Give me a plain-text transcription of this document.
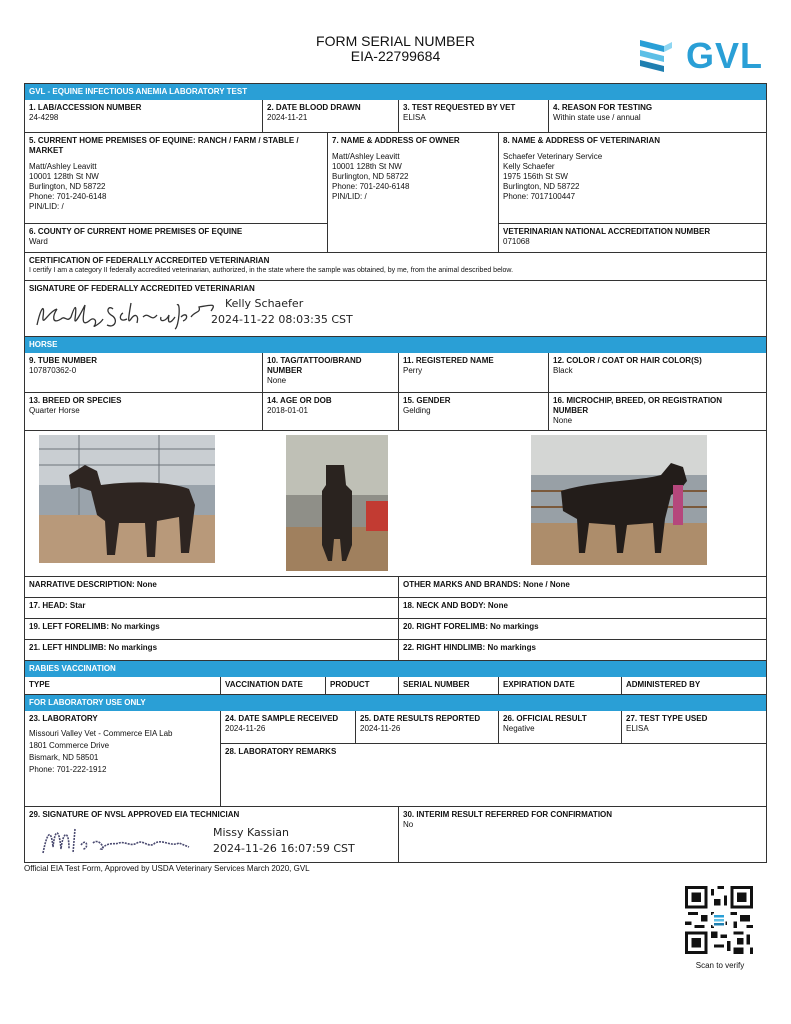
FORM SERIAL NUMBER
EIA-22799684	GVL
GVL - EQUINE INFECTIOUS ANEMIA LABORATORY TEST
1. LAB/ACCESSION NUMBER
24-4298
2. DATE BLOOD DRAWN
2024-11-21
3. TEST REQUESTED BY VET
ELISA
4. REASON FOR TESTING
Within state use / annual
5. CURRENT HOME PREMISES OF EQUINE: RANCH / FARM / STABLE / MARKET
Matt/Ashley Leavitt
10001 128th St NW
Burlington, ND 58722
Phone: 701-240-6148
PIN/LID: /
7. NAME & ADDRESS OF OWNER
Matt/Ashley Leavitt
10001 128th St NW
Burlington, ND 58722
Phone: 701-240-6148
PIN/LID: /
8. NAME & ADDRESS OF VETERINARIAN
Schaefer Veterinary Service
Kelly Schaefer
1975 156th St SW
Burlington, ND 58722
Phone: 7017100447
6. COUNTY OF CURRENT HOME PREMISES OF EQUINE
Ward
VETERINARIAN NATIONAL ACCREDITATION NUMBER
071068
CERTIFICATION OF FEDERALLY ACCREDITED VETERINARIAN
I certify I am a category II federally accredited veterinarian, authorized, in the state where the sample was obtained, by me, from the animal described below.
SIGNATURE OF FEDERALLY ACCREDITED VETERINARIAN
Kelly Schaefer
2024-11-22 08:03:35 CST
HORSE
9. TUBE NUMBER
107870362-0
10. TAG/TATTOO/BRAND
NUMBER
None
11. REGISTERED NAME
Perry
12. COLOR / COAT OR HAIR COLOR(S)
Black
13. BREED OR SPECIES
Quarter Horse
14. AGE OR DOB
2018-01-01
15. GENDER
Gelding
16. MICROCHIP, BREED, OR REGISTRATION
NUMBER
None
NARRATIVE DESCRIPTION: None	OTHER MARKS AND BRANDS: None / None
17. HEAD: Star	18. NECK AND BODY: None
19. LEFT FORELIMB: No markings	20. RIGHT FORELIMB: No markings
21. LEFT HINDLIMB: No markings	22. RIGHT HINDLIMB: No markings
RABIES VACCINATION
TYPE	VACCINATION DATE	PRODUCT	SERIAL NUMBER	EXPIRATION DATE	ADMINISTERED BY
FOR LABORATORY USE ONLY
23. LABORATORY
Missouri Valley Vet - Commerce EIA Lab
1801 Commerce Drive
Bismark, ND 58501
Phone: 701-222-1912
24. DATE SAMPLE RECEIVED
2024-11-26
25. DATE RESULTS REPORTED
2024-11-26
26. OFFICIAL RESULT
Negative
27. TEST TYPE USED
ELISA
28. LABORATORY REMARKS
29. SIGNATURE OF NVSL APPROVED EIA TECHNICIAN
Missy Kassian
2024-11-26 16:07:59 CST
30. INTERIM RESULT REFERRED FOR CONFIRMATION
No
Official EIA Test Form, Approved by USDA Veterinary Services March 2020, GVL
Scan to verify
